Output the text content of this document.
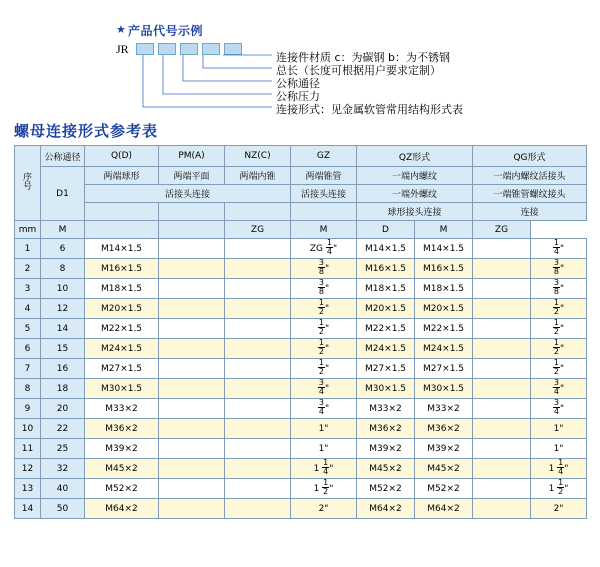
★ 产品代号示例
JR
连接件材质 c：为碳钢 b：为不锈钢
总长（长度可根据用户要求定制）
公称通径
公称压力
连接形式：见金属软管常用结构形式表
螺母连接形式参考表
序
号	公称通径	Q(D)	PM(A)	NZ(C)	GZ	QZ形式		QG形式	
	D1	两端球形	两端平面	两端内锥	两端锥管	一端内螺纹		一端内螺纹活接头	
		活接头连接			活接头连接	一端外螺纹		一端锥管螺纹接头	
						球形接头连接		连接	
mm	M			ZG	M	D	M	ZG	
1	6	M14×1.5			ZG $\frac{1}{4}$ "	M14×1.5	M14×1.5		$\frac{1}{4}$ "
2	8	M16×1.5			$\frac{3}{8}$ "	M16×1.5	M16×1.5		$\frac{3}{8}$ "
3	10	M18×1.5			$\frac{3}{8}$ "	M18×1.5	M18×1.5		$\frac{3}{8}$ "
4	12	M20×1.5			$\frac{1}{2}$ "	M20×1.5	M20×1.5		$\frac{1}{2}$ "
5	14	M22×1.5			$\frac{1}{2}$ "	M22×1.5	M22×1.5		$\frac{1}{2}$ "
6	15	M24×1.5			$\frac{1}{2}$ "	M24×1.5	M24×1.5		$\frac{1}{2}$ "
7	16	M27×1.5			$\frac{1}{2}$ "	M27×1.5	M27×1.5		$\frac{1}{2}$ "
8	18	M30×1.5			$\frac{3}{4}$ "	M30×1.5	M30×1.5		$\frac{3}{4}$ "
9	20	M33×2			$\frac{3}{4}$ "	M33×2	M33×2		$\frac{3}{4}$ "
10	22	M36×2			1"	M36×2	M36×2		1"
11	25	M39×2			1"	M39×2	M39×2		1"
12	32	M45×2			$1 \frac{1}{4}$ "	M45×2	M45×2		$1 \frac{1}{4}$ "
13	40	M52×2			$1 \frac{1}{2}$ "	M52×2	M52×2		$1 \frac{1}{2}$ "
14	50	M64×2			2"	M64×2	M64×2		2"
